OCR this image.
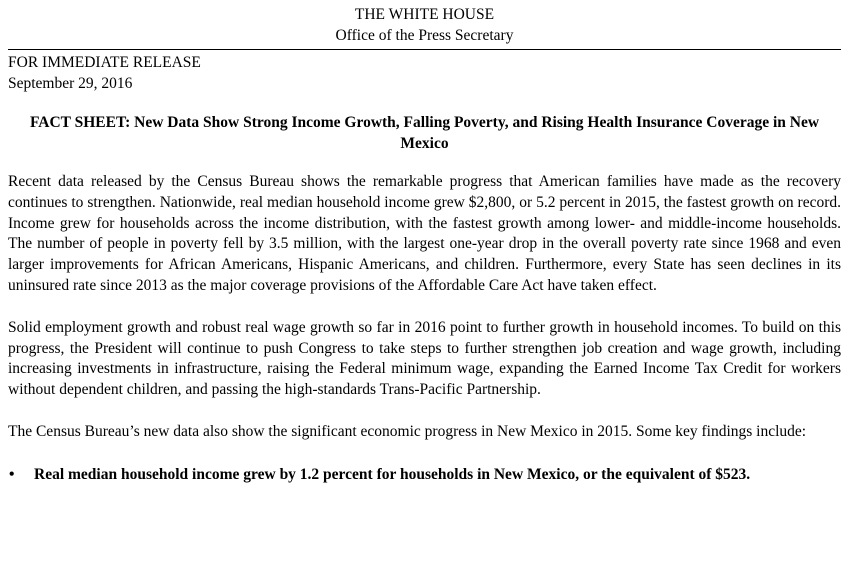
THE WHITE HOUSE
Office of the Press Secretary
FOR IMMEDIATE RELEASE
September 29, 2016
FACT SHEET: New Data Show Strong Income Growth, Falling Poverty, and Rising Health Insurance Coverage in New Mexico

Recent data released by the Census Bureau shows the remarkable progress that American families have made as the recovery continues to strengthen. Nationwide, real median household income grew $2,800, or 5.2 percent in 2015, the fastest growth on record. Income grew for households across the income distribution, with the fastest growth among lower- and middle-income households. The number of people in poverty fell by 3.5 million, with the largest one-year drop in the overall poverty rate since 1968 and even larger improvements for African Americans, Hispanic Americans, and children. Furthermore, every State has seen declines in its uninsured rate since 2013 as the major coverage provisions of the Affordable Care Act have taken effect.

Solid employment growth and robust real wage growth so far in 2016 point to further growth in household incomes. To build on this progress, the President will continue to push Congress to take steps to further strengthen job creation and wage growth, including increasing investments in infrastructure, raising the Federal minimum wage, expanding the Earned Income Tax Credit for workers without dependent children, and passing the high-standards Trans-Pacific Partnership.

The Census Bureau’s new data also show the significant economic progress in New Mexico in 2015. Some key findings include:

• Real median household income grew by 1.2 percent for households in New Mexico, or the equivalent of $523.
